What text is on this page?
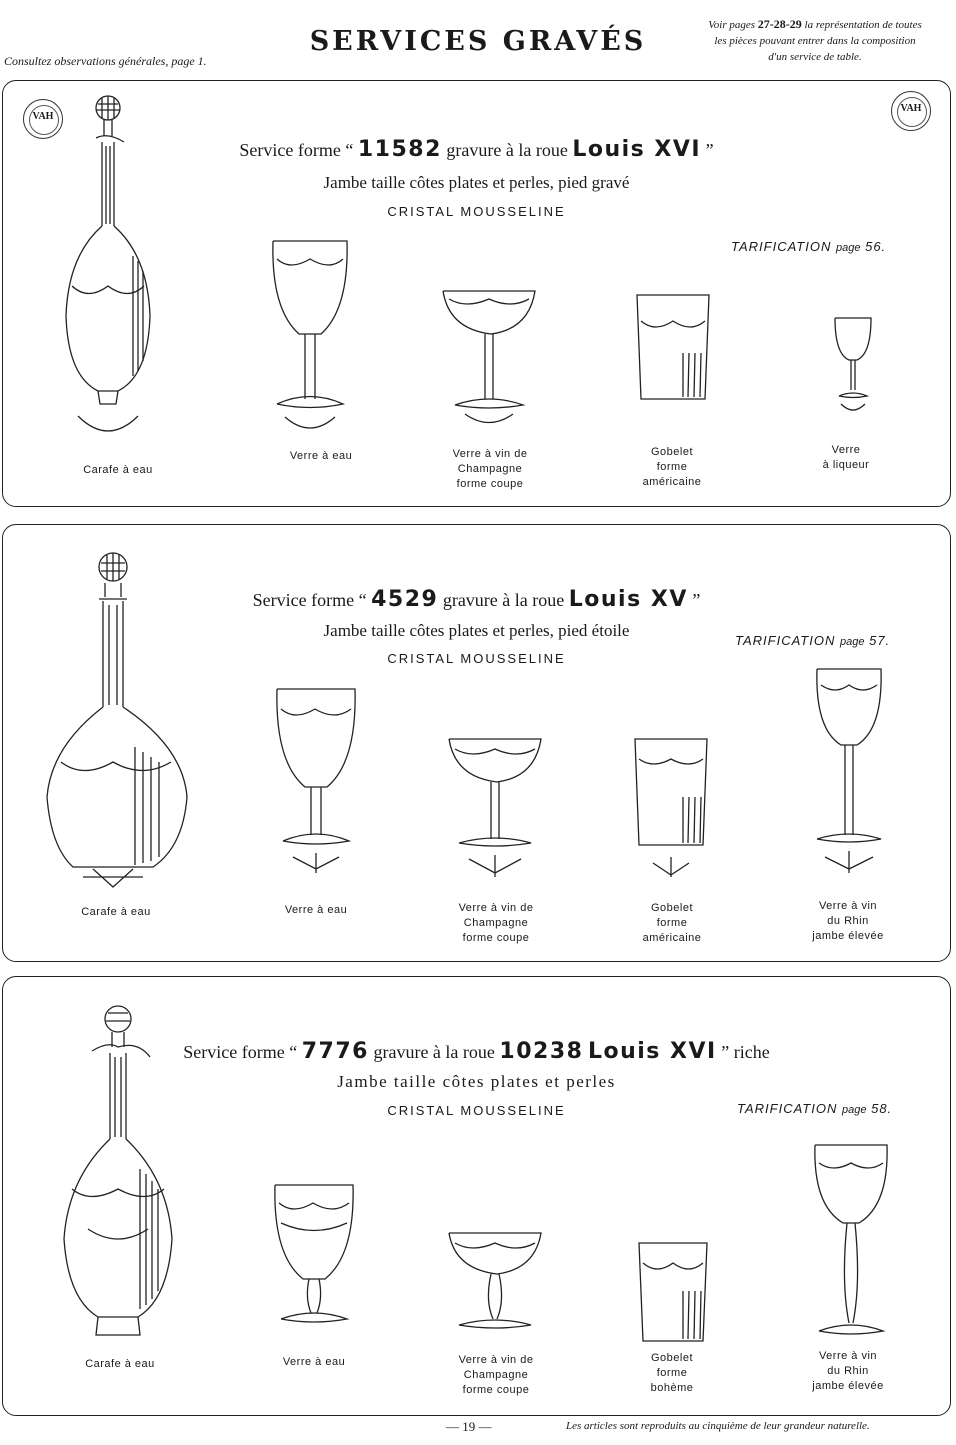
Consultez observations générales, page 1.
SERVICES GRAVÉS
Voir pages 27-28-29 la représentation de toutes
les pièces pouvant entrer dans la composition
d'un service de table.
VAH
VAH
Service forme “ 11582 gravure à la roue Louis XVI ”
Jambe taille côtes plates et perles, pied gravé
CRISTAL MOUSSELINE
TARIFICATION page 56.
Carafe à eau
Verre à eau	Verre à vin de
Champagne
forme coupe
Gobelet
forme
américaine
Verre
à liqueur
Service forme “ 4529 gravure à la roue Louis XV ”
Jambe taille côtes plates et perles, pied étoile
CRISTAL MOUSSELINE
TARIFICATION page 57.
Carafe à eau	Verre à eau	Verre à vin de
Champagne
forme coupe
Gobelet
forme
américaine
Verre à vin
du Rhin
jambe élevée
Service forme “ 7776 gravure à la roue 10238 Louis XVI ” riche
Jambe taille côtes plates et perles
CRISTAL MOUSSELINE	TARIFICATION page 58.
Carafe à eau	Verre à eau	Verre à vin de
Champagne
forme coupe
Gobelet
forme
bohème
Verre à vin
du Rhin
jambe élevée
— 19 —	Les articles sont reproduits au cinquième de leur grandeur naturelle.
